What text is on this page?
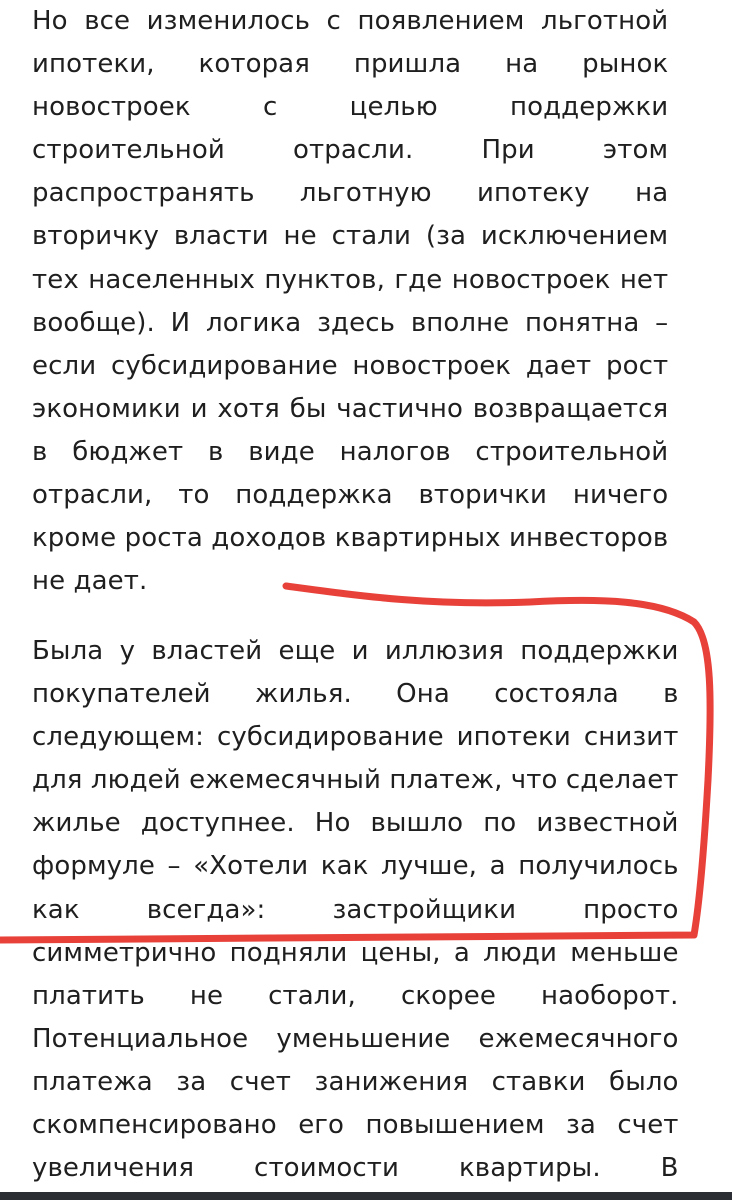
Но все изменилось с появлением льготной
ипотеки, которая пришла на рынок
новостроек с целью поддержки
строительной отрасли. При этом
распространять льготную ипотеку на
вторичку власти не стали (за исключением
тех населенных пунктов, где новостроек нет
вообще). И логика здесь вполне понятна –
если субсидирование новостроек дает рост
экономики и хотя бы частично возвращается
в бюджет в виде налогов строительной
отрасли, то поддержка вторички ничего
кроме роста доходов квартирных инвесторов
не дает.
Была у властей еще и иллюзия поддержки
покупателей жилья. Она состояла в
следующем: субсидирование ипотеки снизит
для людей ежемесячный платеж, что сделает
жилье доступнее. Но вышло по известной
формуле – «Хотели как лучше, а получилось
как всегда»: застройщики просто
симметрично подняли цены, а люди меньше
платить не стали, скорее наоборот.
Потенциальное уменьшение ежемесячного
платежа за счет занижения ставки было
скомпенсировано его повышением за счет
увеличения стоимости квартиры. В
